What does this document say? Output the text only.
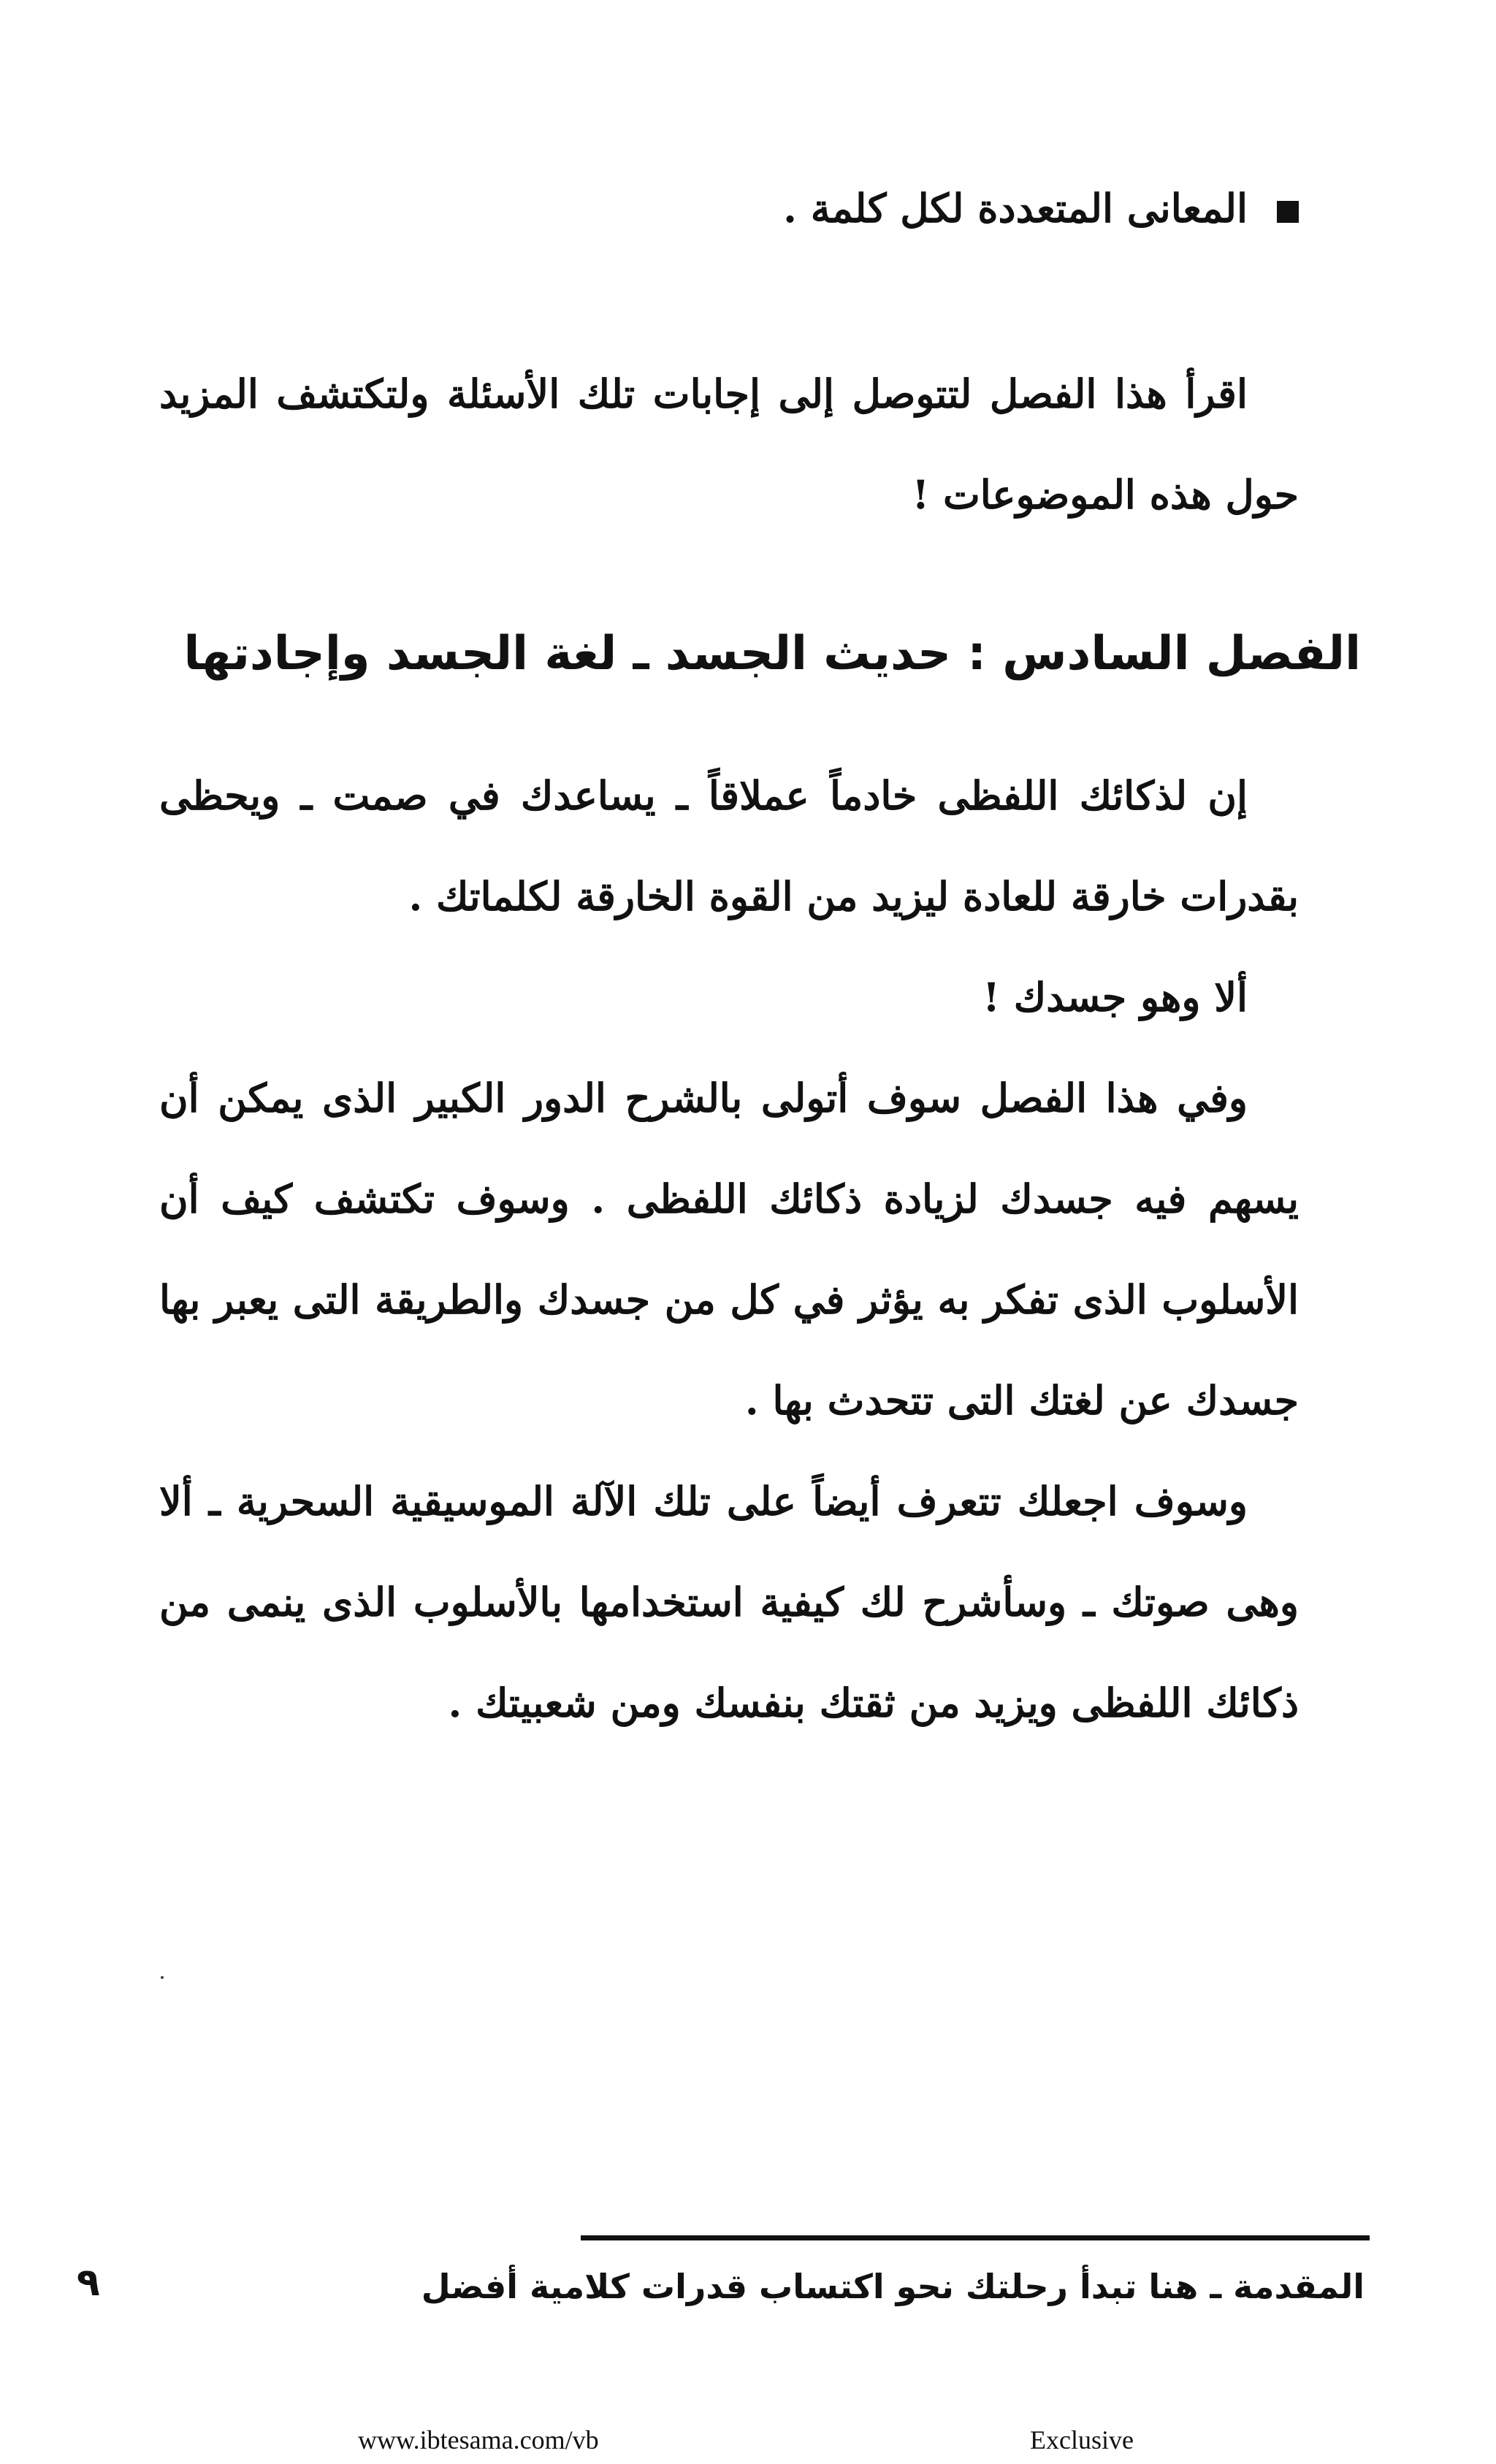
المعانى المتعددة لكل كلمة .

اقرأ هذا الفصل لتتوصل إلى إجابات تلك الأسئلة ولتكتشف المزيد حول هذه الموضوعات !

الفصل السادس : حديث الجسد ـ لغة الجسد وإجادتها

إن لذكائك اللفظى خادماً عملاقاً ـ يساعدك في صمت ـ ويحظى بقدرات خارقة للعادة ليزيد من القوة الخارقة لكلماتك .

ألا وهو جسدك !

وفي هذا الفصل سوف أتولى بالشرح الدور الكبير الذى يمكن أن يسهم فيه جسدك لزيادة ذكائك اللفظى . وسوف تكتشف كيف أن الأسلوب الذى تفكر به يؤثر في كل من جسدك والطريقة التى يعبر بها جسدك عن لغتك التى تتحدث بها .

وسوف اجعلك تتعرف أيضاً على تلك الآلة الموسيقية السحرية ـ ألا وهى صوتك ـ وسأشرح لك كيفية استخدامها بالأسلوب الذى ينمى من ذكائك اللفظى ويزيد من ثقتك بنفسك ومن شعبيتك .

المقدمة ـ هنا تبدأ رحلتك نحو اكتساب قدرات كلامية أفضل
٩
www.ibtesama.com/vb	Exclusive
